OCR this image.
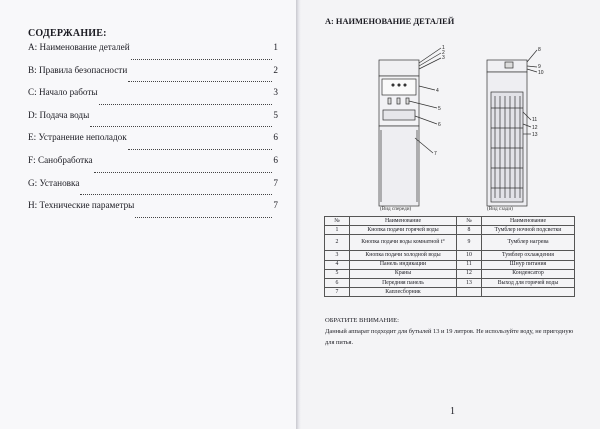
СОДЕРЖАНИЕ:
А: Наименование деталей	1
В: Правила безопасности	2
С: Начало работы	3
D: Подача воды	5
Е: Устранение неполадок	6
F: Санобработка	6
G: Установка	7
Н: Технические параметры	7
А: НАИМЕНОВАНИЕ ДЕТАЛЕЙ
1
2
3
4
5
6
7
8
9
10
11
12
13
(Вид спереди)	(Вид сзади)
№	Наименование	№	Наименование
1	Кнопка подачи горячей воды	8	Тумблер ночной подсветки
2	Кнопка подачи воды комнатной t°	9	Тумблер нагрева
3	Кнопка подачи холодной воды	10	Тумблер охлаждения
4	Панель индикации	11	Шнур питания
5	Краны	12	Конденсатор
6	Передняя панель	13	Выход для горячей воды
7	Каплесборник		
ОБРАТИТЕ ВНИМАНИЕ:
Данный аппарат подходит для бутылей 13 и 19 литров. Не используйте воду, не пригодную для питья.
1
